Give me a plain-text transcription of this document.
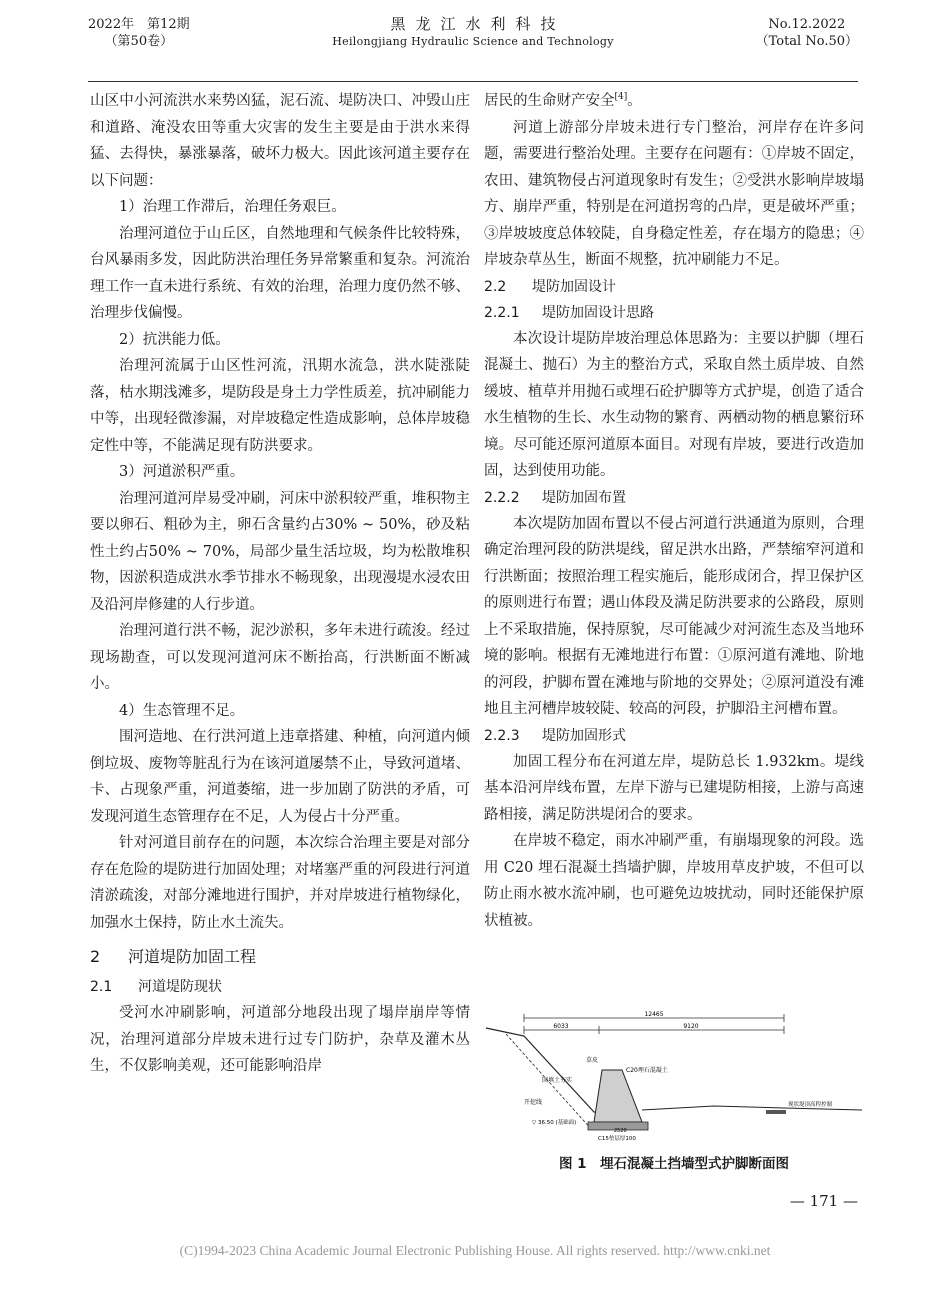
2022年　第12期
（第50卷）
黑龙江水利科技
Heilongjiang Hydraulic Science and Technology
No.12.2022
（Total No.50）
山区中小河流洪水来势凶猛，泥石流、堤防决口、冲毁山庄和道路、淹没农田等重大灾害的发生主要是由于洪水来得猛、去得快，暴涨暴落，破坏力极大。因此该河道主要存在以下问题：
1）治理工作滞后，治理任务艰巨。
治理河道位于山丘区，自然地理和气候条件比较特殊，台风暴雨多发，因此防洪治理任务异常繁重和复杂。河流治理工作一直未进行系统、有效的治理，治理力度仍然不够、治理步伐偏慢。
2）抗洪能力低。
治理河流属于山区性河流，汛期水流急，洪水陡涨陡落，枯水期浅滩多，堤防段是身土力学性质差，抗冲刷能力中等，出现轻微渗漏，对岸坡稳定性造成影响，总体岸坡稳定性中等，不能满足现有防洪要求。
3）河道淤积严重。
治理河道河岸易受冲刷，河床中淤积较严重，堆积物主要以卵石、粗砂为主，卵石含量约占30% ~ 50%，砂及粘性土约占50% ~ 70%，局部少量生活垃圾，均为松散堆积物，因淤积造成洪水季节排水不畅现象，出现漫堤水浸农田及沿河岸修建的人行步道。
治理河道行洪不畅，泥沙淤积，多年未进行疏浚。经过现场勘查，可以发现河道河床不断抬高，行洪断面不断减小。
4）生态管理不足。
围河造地、在行洪河道上违章搭建、种植，向河道内倾倒垃圾、废物等脏乱行为在该河道屡禁不止，导致河道堵、卡、占现象严重，河道萎缩，进一步加剧了防洪的矛盾，可发现河道生态管理存在不足，人为侵占十分严重。
针对河道目前存在的问题，本次综合治理主要是对部分存在危险的堤防进行加固处理；对堵塞严重的河段进行河道清淤疏浚，对部分滩地进行围护，并对岸坡进行植物绿化，加强水土保持，防止水土流失。
2 河道堤防加固工程
2.1 河道堤防现状
受河水冲刷影响，河道部分地段出现了塌岸崩岸等情况，治理河道部分岸坡未进行过专门防护，杂草及灌木丛生，不仅影响美观，还可能影响沿岸
居民的生命财产安全[4]。
河道上游部分岸坡未进行专门整治，河岸存在许多问题，需要进行整治处理。主要存在问题有：①岸坡不固定，农田、建筑物侵占河道现象时有发生；②受洪水影响岸坡塌方、崩岸严重，特别是在河道拐弯的凸岸，更是破坏严重；③岸坡坡度总体较陡，自身稳定性差，存在塌方的隐患；④岸坡杂草丛生，断面不规整，抗冲刷能力不足。
2.2 堤防加固设计
2.2.1 堤防加固设计思路
本次设计堤防岸坡治理总体思路为：主要以护脚（埋石混凝土、抛石）为主的整治方式，采取自然土质岸坡、自然缓坡、植草并用抛石或埋石砼护脚等方式护堤，创造了适合水生植物的生长、水生动物的繁育、两栖动物的栖息繁衍环境。尽可能还原河道原本面目。对现有岸坡，要进行改造加固，达到使用功能。
2.2.2 堤防加固布置
本次堤防加固布置以不侵占河道行洪通道为原则，合理确定治理河段的防洪堤线，留足洪水出路，严禁缩窄河道和行洪断面；按照治理工程实施后，能形成闭合，捍卫保护区的原则进行布置；遇山体段及满足防洪要求的公路段，原则上不采取措施，保持原貌，尽可能减少对河流生态及当地环境的影响。根据有无滩地进行布置：①原河道有滩地、阶地的河段，护脚布置在滩地与阶地的交界处；②原河道没有滩地且主河槽岸坡较陡、较高的河段，护脚沿主河槽布置。
2.2.3 堤防加固形式
加固工程分布在河道左岸，堤防总长 1.932km。堤线基本沿河岸线布置，左岸下游与已建堤防相接，上游与高速路相接，满足防洪堤闭合的要求。
在岸坡不稳定，雨水冲刷严重，有崩塌现象的河段。选用 C20 埋石混凝土挡墙护脚，岸坡用草皮护坡，不但可以防止雨水被水流冲刷，也可避免边坡扰动，同时还能保护原状植被。
12465
6033	9120
草皮
C20埋石混凝土
回填土夯实
开挖线
▽ 36.50 (基础面)
C15垫层厚100
2520
现状堤顶高程控制
图 1　埋石混凝土挡墙型式护脚断面图
— 171 —
(C)1994-2023 China Academic Journal Electronic Publishing House. All rights reserved. http://www.cnki.net
